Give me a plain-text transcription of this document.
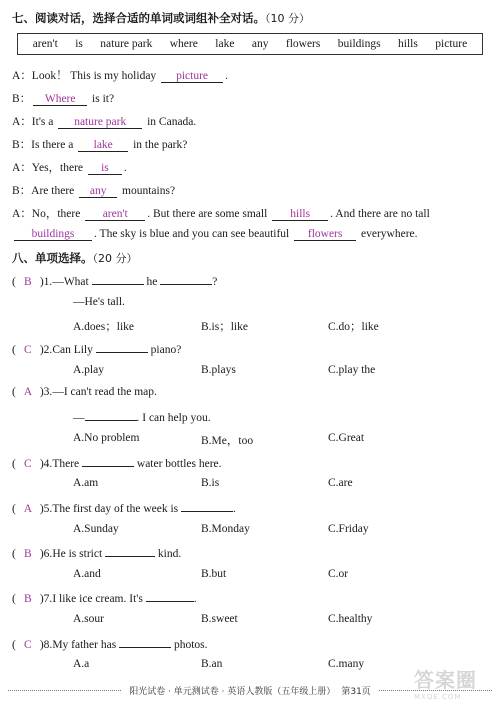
七、阅读对话，选择合适的单词或词组补全对话。（10 分）
aren't is nature park where lake any flowers buildings hills picture
A：Look！ This is my holiday picture .
B： Where is it?
A：It's a nature park in Canada.
B：Is there a lake in the park?
A：Yes，there is .
B：Are there any mountains?
A：No，there aren't . But there are some small hills . And there are no tall
buildings . The sky is blue and you can see beautiful flowers everywhere.
八、单项选择。（20 分）
( B )1.—What	he	?
—He's tall.
A.does；like	B.is；like	C.do；like
( C )2.Can Lily	piano?
A.play	B.plays	C.play the
( A )3.—I can't read the map.
—	. I can help you.
A.No problem	B.Me，too	C.Great
( C )4.There	water bottles here.
A.am	B.is	C.are
( A )5.The first day of the week is	.
A.Sunday	B.Monday	C.Friday
( B )6.He is strict	kind.
A.and	B.but	C.or
( B )7.I like ice cream. It's	.
A.sour	B.sweet	C.healthy
( C )8.My father has	photos.
A.a	B.an	C.many
阳光试卷 · 单元测试卷 · 英语人教版（五年级上册） 第31页 答案圈
MXQE.COM
